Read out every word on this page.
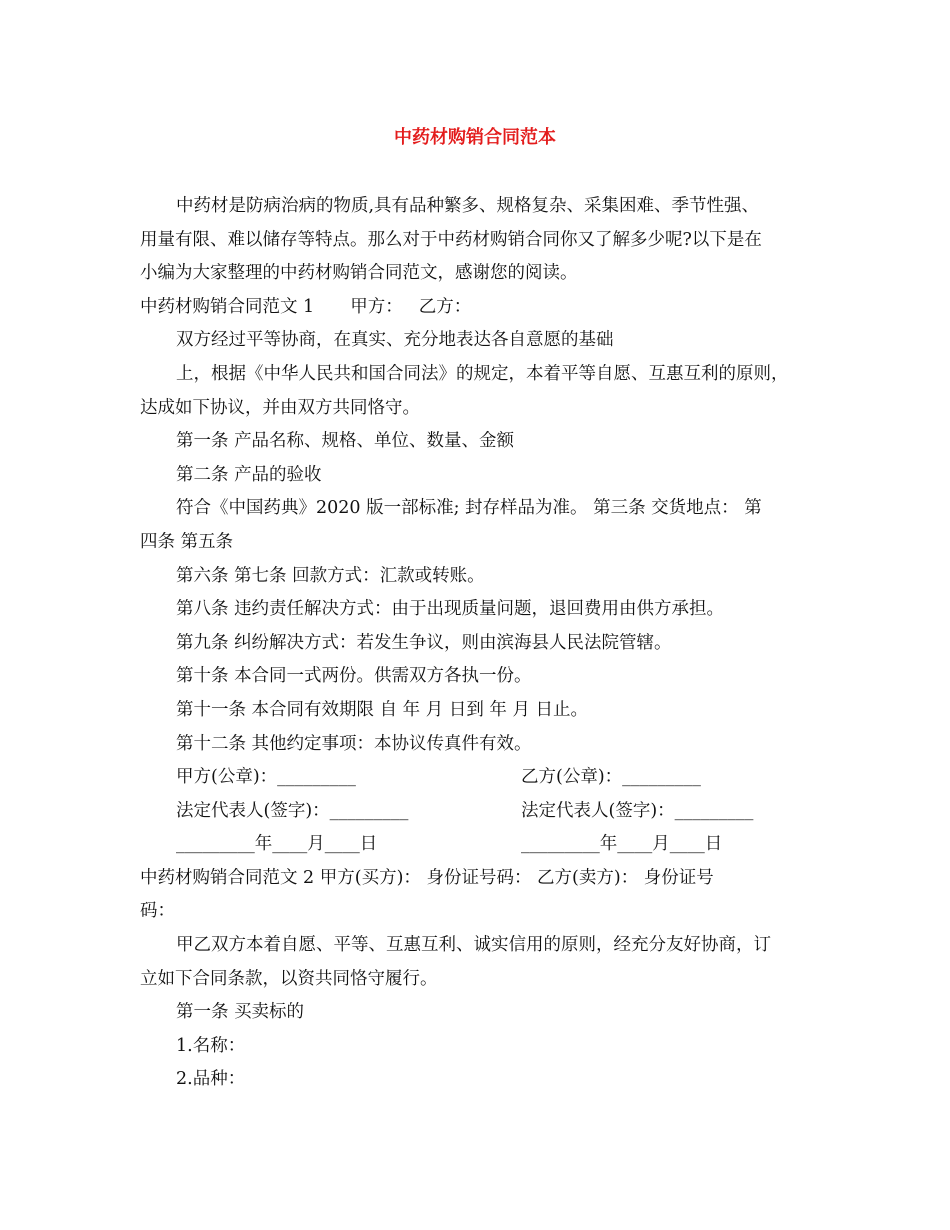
中药材购销合同范本
中药材是防病治病的物质,具有品种繁多、规格复杂、采集困难、季节性强、
用量有限、难以储存等特点。那么对于中药材购销合同你又了解多少呢?以下是在
小编为大家整理的中药材购销合同范文，感谢您的阅读。
中药材购销合同范文 1 甲方： 乙方：
双方经过平等协商，在真实、充分地表达各自意愿的基础
上，根据《中华人民共和国合同法》的规定，本着平等自愿、互惠互利的原则，
达成如下协议，并由双方共同恪守。
第一条 产品名称、规格、单位、数量、金额
第二条 产品的验收
符合《中国药典》2020 版一部标准; 封存样品为准。 第三条 交货地点： 第
四条 第五条
第六条 第七条 回款方式：汇款或转账。
第八条 违约责任解决方式：由于出现质量问题，退回费用由供方承担。
第九条 纠纷解决方式：若发生争议，则由滨海县人民法院管辖。
第十条 本合同一式两份。供需双方各执一份。
第十一条 本合同有效期限 自 年 月 日到 年 月 日止。
第十二条 其他约定事项：本协议传真件有效。
甲方(公章)：_________	乙方(公章)：_________
法定代表人(签字)：_________	法定代表人(签字)：_________
_________年____月____日	_________年____月____日
中药材购销合同范文 2 甲方(买方)： 身份证号码： 乙方(卖方)： 身份证号
码：
甲乙双方本着自愿、平等、互惠互利、诚实信用的原则，经充分友好协商，订
立如下合同条款，以资共同恪守履行。
第一条 买卖标的
1.名称：
2.品种：
